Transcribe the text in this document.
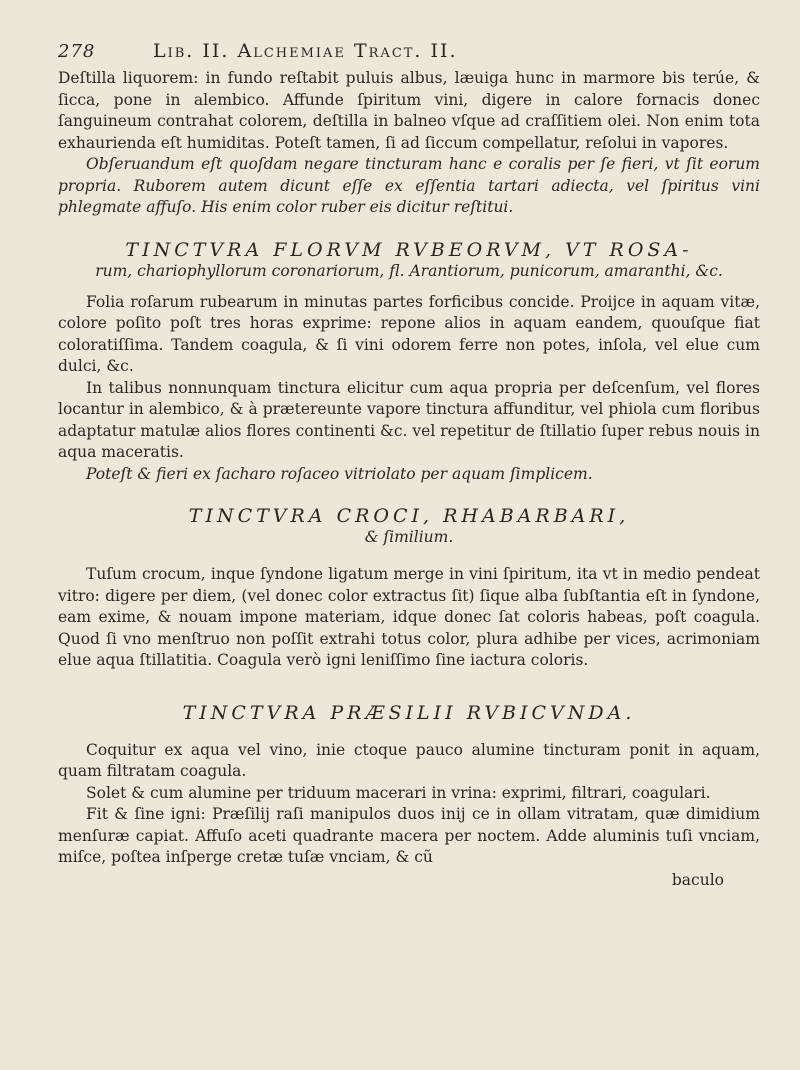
278	Lib. II. Alchemiae Tract. II.

Deſtilla liquorem: in fundo reſtabit puluis albus, læuiga hunc in marmore bis terúe, & ſicca, pone in alembico. Affunde ſpiritum vini, digere in calore fornacis donec ſanguineum contrahat colorem, deſtilla in balneo vſque ad craſſitiem olei. Non enim tota exhaurienda eſt humiditas. Poteſt tamen, ſi ad ſiccum compellatur, reſolui in vapores.

Obſeruandum eſt quoſdam negare tincturam hanc e coralis per ſe fieri, vt ſit eorum propria. Ruborem autem dicunt eſſe ex eſſentia tartari adiecta, vel ſpiritus vini phlegmate affuſo. His enim color ruber eis dicitur reſtitui.

TINCTVRA FLORVM RVBEORVM, VT ROSA-
rum, chariophyllorum coronariorum, fl. Arantiorum, punicorum, amaranthi, &c.

Folia roſarum rubearum in minutas partes forficibus concide. Proijce in aquam vitæ, colore poſito poſt tres horas exprime: repone alios in aquam eandem, quouſque fiat coloratiſſima. Tandem coagula, & ſi vini odorem ferre non potes, inſola, vel elue cum dulci, &c.

In talibus nonnunquam tinctura elicitur cum aqua propria per deſcenſum, vel flores locantur in alembico, & à prætereunte vapore tinctura affunditur, vel phiola cum floribus adaptatur matulæ alios flores continenti &c. vel repetitur de ſtillatio ſuper rebus nouis in aqua maceratis.

Poteſt & fieri ex ſacharo roſaceo vitriolato per aquam ſimplicem.

TINCTVRA CROCI, RHABARBARI,
& ſimilium.

Tuſum crocum, inque ſyndone ligatum merge in vini ſpiritum, ita vt in medio pendeat vitro: digere per diem, (vel donec color extractus ſit) ſique alba ſubſtantia eſt in ſyndone, eam exime, & nouam impone materiam, idque donec ſat coloris habeas, poſt coagula. Quod ſi vno menſtruo non poſſit extrahi totus color, plura adhibe per vices, acrimoniam elue aqua ſtillatitia. Coagula verò igni leniſſimo ſine iactura coloris.

TINCTVRA PRÆSILII RVBICVNDA.

Coquitur ex aqua vel vino, inie ctoque pauco alumine tincturam ponit in aquam, quam filtratam coagula.

Solet & cum alumine per triduum macerari in vrina: exprimi, filtrari, coagulari.

Fit & ſine igni: Præſilij raſi manipulos duos inij ce in ollam vitratam, quæ dimidium menſuræ capiat. Affuſo aceti quadrante macera per noctem. Adde aluminis tuſi vnciam, miſce, poſtea inſperge cretæ tuſæ vnciam, & cũ

baculo
